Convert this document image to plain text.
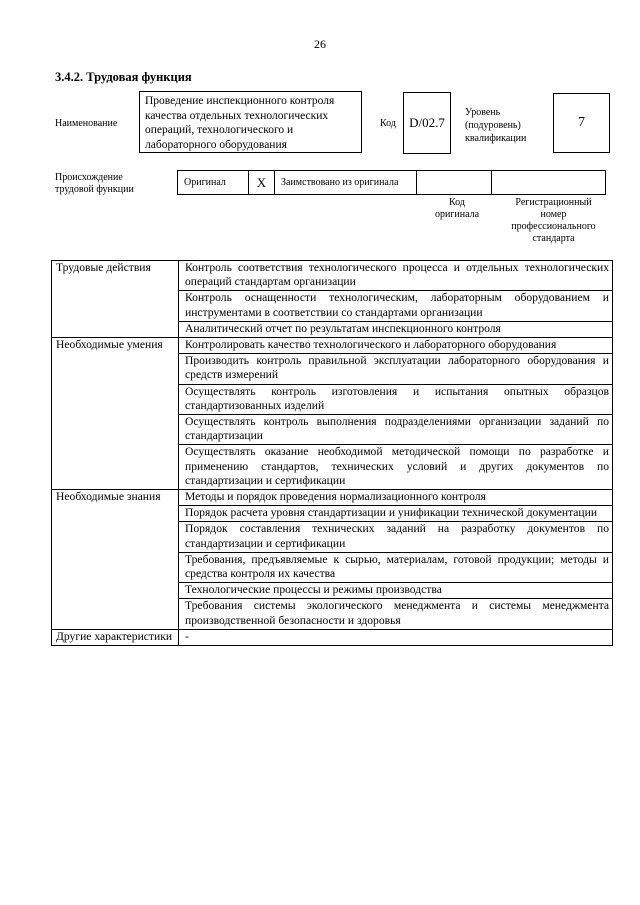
26
3.4.2. Трудовая функция
Наименование
Проведение инспекционного контроля качества отдельных технологических операций, технологического и лабораторного оборудования
Код	D/02.7
Уровень
(подуровень)
квалификации
7
Происхождение
трудовой функции
Оригинал	X	Заимствовано из оригинала
Код
оригинала
Регистрационный
номер
профессионального
стандарта
Трудовые действия	Контроль соответствия технологического процесса и отдельных технологических операций стандартам организации
	Контроль оснащенности технологическим, лабораторным оборудованием и инструментами в соответствии со стандартами организации
	Аналитический отчет по результатам инспекционного контроля
Необходимые умения	Контролировать качество технологического и лабораторного оборудования
	Производить контроль правильной эксплуатации лабораторного оборудования и средств измерений
	Осуществлять контроль изготовления и испытания опытных образцов стандартизованных изделий
	Осуществлять контроль выполнения подразделениями организации заданий по стандартизации
	Осуществлять оказание необходимой методической помощи по разработке и применению стандартов, технических условий и других документов по стандартизации и сертификации
Необходимые знания	Методы и порядок проведения нормализационного контроля
	Порядок расчета уровня стандартизации и унификации технической документации
	Порядок составления технических заданий на разработку документов по стандартизации и сертификации
	Требования, предъявляемые к сырью, материалам, готовой продукции; методы и средства контроля их качества
	Технологические процессы и режимы производства
	Требования системы экологического менеджмента и системы менеджмента производственной безопасности и здоровья
Другие характеристики	-
